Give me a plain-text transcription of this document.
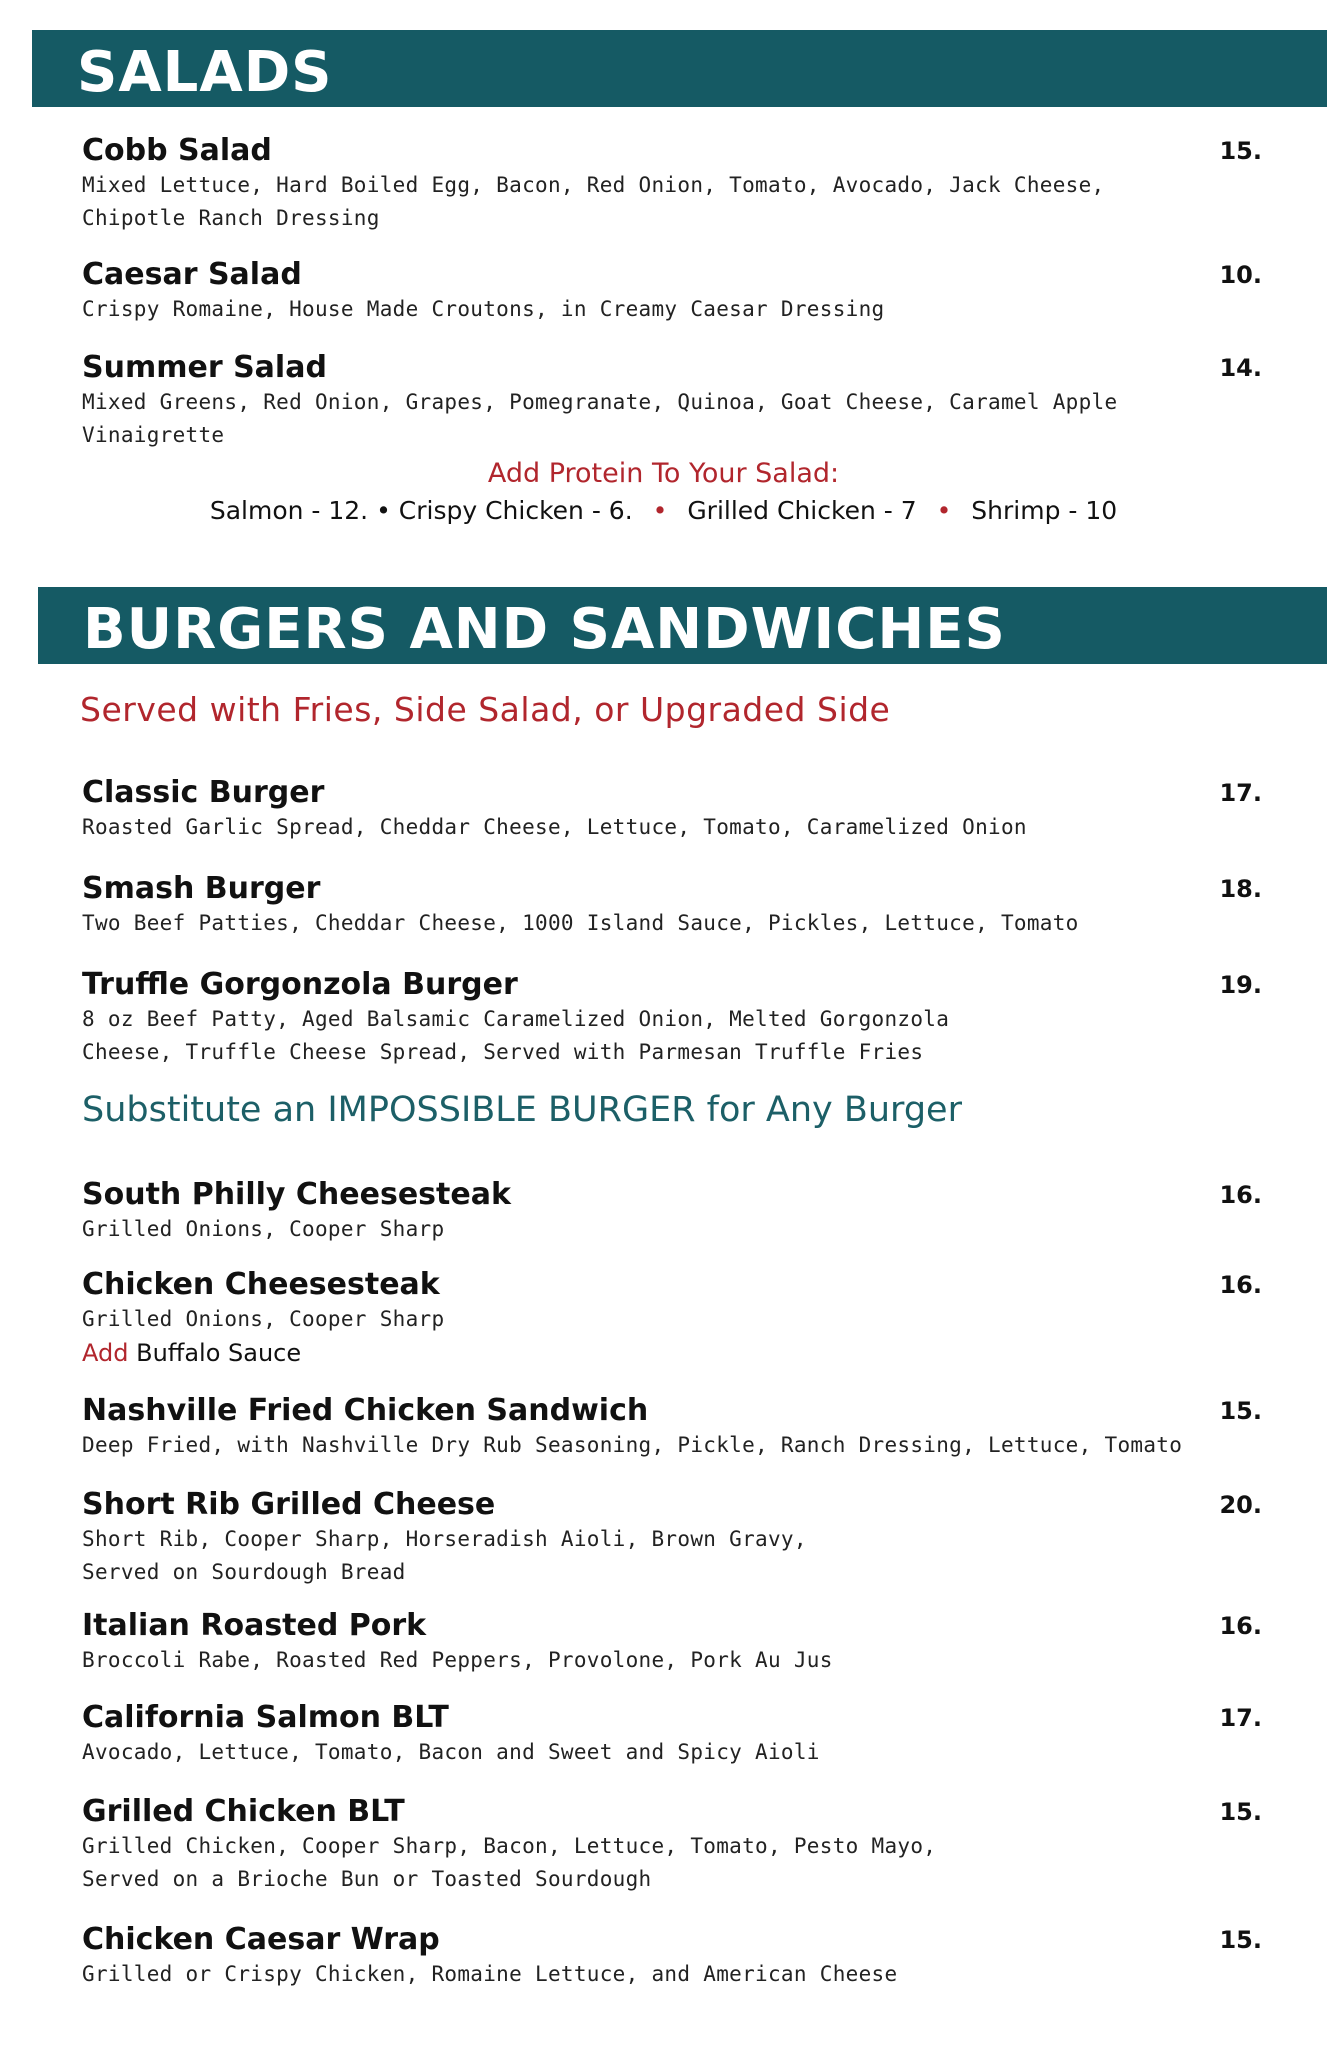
SALADS
Cobb Salad	15.
Mixed Lettuce, Hard Boiled Egg, Bacon, Red Onion, Tomato, Avocado, Jack Cheese,
Chipotle Ranch Dressing
Caesar Salad	10.
Crispy Romaine, House Made Croutons, in Creamy Caesar Dressing
Summer Salad	14.
Mixed Greens, Red Onion, Grapes, Pomegranate, Quinoa, Goat Cheese, Caramel Apple Vinaigrette
Add Protein To Your Salad:
Salmon - 12. • Crispy Chicken - 6. • Grilled Chicken - 7 • Shrimp - 10
BURGERS AND SANDWICHES
Served with Fries, Side Salad, or Upgraded Side
Classic Burger	17.
Roasted Garlic Spread, Cheddar Cheese, Lettuce, Tomato, Caramelized Onion
Smash Burger	18.
Two Beef Patties, Cheddar Cheese, 1000 Island Sauce, Pickles, Lettuce, Tomato
Truffle Gorgonzola Burger	19.
8 oz Beef Patty, Aged Balsamic Caramelized Onion, Melted Gorgonzola
Cheese, Truffle Cheese Spread, Served with Parmesan Truffle Fries
Substitute an IMPOSSIBLE BURGER for Any Burger
South Philly Cheesesteak	16.
Grilled Onions, Cooper Sharp
Chicken Cheesesteak	16.
Grilled Onions, Cooper Sharp
Add Buffalo Sauce
Nashville Fried Chicken Sandwich	15.
Deep Fried, with Nashville Dry Rub Seasoning, Pickle, Ranch Dressing, Lettuce, Tomato
Short Rib Grilled Cheese	20.
Short Rib, Cooper Sharp, Horseradish Aioli, Brown Gravy,
Served on Sourdough Bread
Italian Roasted Pork	16.
Broccoli Rabe, Roasted Red Peppers, Provolone, Pork Au Jus
California Salmon BLT	17.
Avocado, Lettuce, Tomato, Bacon and Sweet and Spicy Aioli
Grilled Chicken BLT	15.
Grilled Chicken, Cooper Sharp, Bacon, Lettuce, Tomato, Pesto Mayo,
Served on a Brioche Bun or Toasted Sourdough
Chicken Caesar Wrap	15.
Grilled or Crispy Chicken, Romaine Lettuce, and American Cheese
